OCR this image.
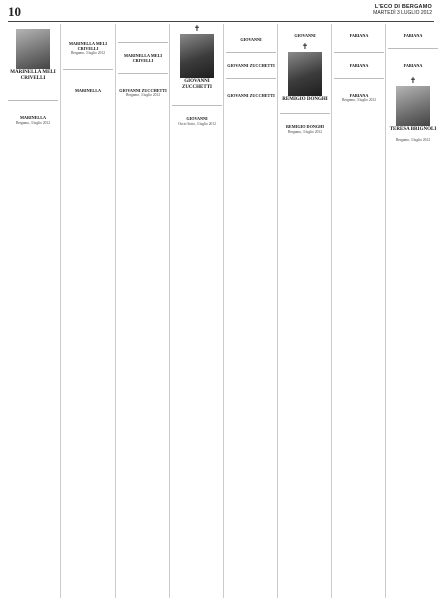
10	L'ECO DI BERGAMO
MARTEDÌ 3 LUGLIO 2012
MARINELLA MELI CRIVELLI
MARINELLA
Bergamo, 3 luglio 2012
MARINELLA MELI CRIVELLI
Bergamo, 3 luglio 2012
MARINELLA
MARINELLA MELI CRIVELLI
GIOVANNI ZUCCHETTI
Bergamo, 3 luglio 2012
✝
GIOVANNI ZUCCHETTI
GIOVANNI
Oscio Sotto, 3 luglio 2012
GIOVANNI
GIOVANNI ZUCCHETTI
GIOVANNI ZUCCHETTI
GIOVANNI
✝
REMIGIO DONGHI
REMIGIO DONGHI
Bergamo, 3 luglio 2012
FABIANA
FABIANA
FABIANA
Bergamo, 3 luglio 2012
FABIANA
FABIANA
✝
TERESA BRIGNOLI
Bergamo, 3 luglio 2012
